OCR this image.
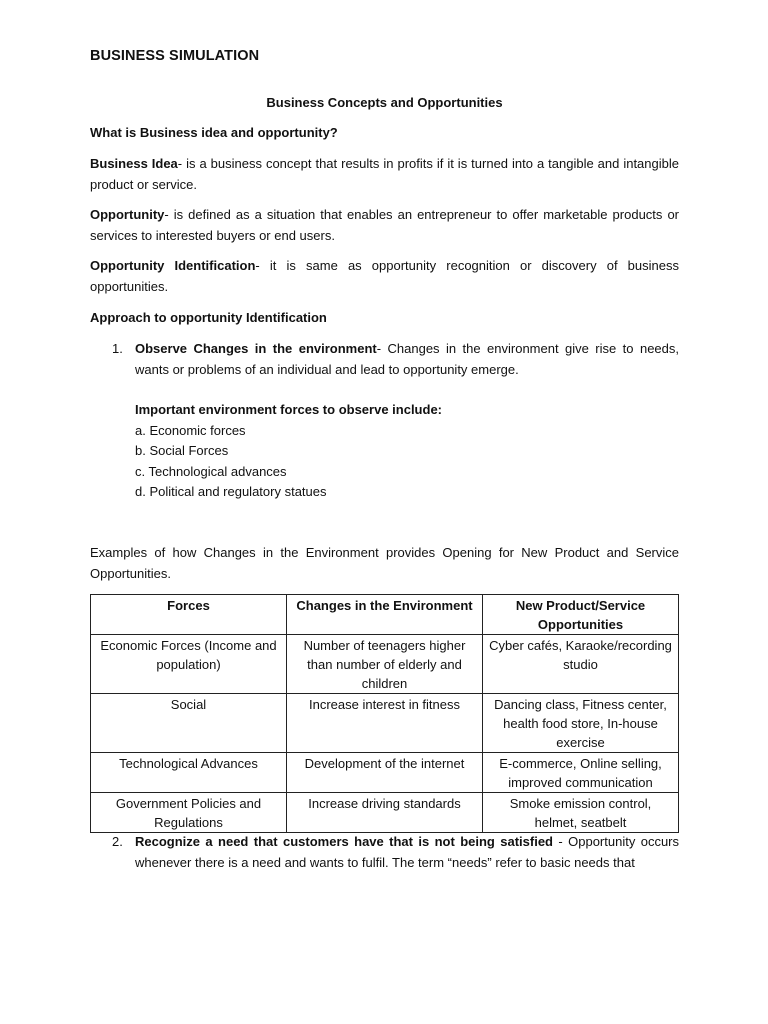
BUSINESS SIMULATION
Business Concepts and Opportunities
What is Business idea and opportunity?
Business Idea- is a business concept that results in profits if it is turned into a tangible and intangible product or service.
Opportunity- is defined as a situation that enables an entrepreneur to offer marketable products or services to interested buyers or end users.
Opportunity Identification- it is same as opportunity recognition or discovery of business opportunities.
Approach to opportunity Identification
1. Observe Changes in the environment- Changes in the environment give rise to needs, wants or problems of an individual and lead to opportunity emerge.
Important environment forces to observe include:
a. Economic forces
b. Social Forces
c. Technological advances
d. Political and regulatory statues
Examples of how Changes in the Environment provides Opening for New Product and Service Opportunities.
Forces	Changes in the Environment	New Product/Service Opportunities
Economic Forces (Income and population)	Number of teenagers higher than number of elderly and children	Cyber cafés, Karaoke/recording studio
Social	Increase interest in fitness	Dancing class, Fitness center, health food store, In-house exercise
Technological Advances	Development of the internet	E-commerce, Online selling, improved communication
Government Policies and Regulations	Increase driving standards	Smoke emission control, helmet, seatbelt
2. Recognize a need that customers have that is not being satisfied - Opportunity occurs whenever there is a need and wants to fulfil. The term “needs” refer to basic needs that
